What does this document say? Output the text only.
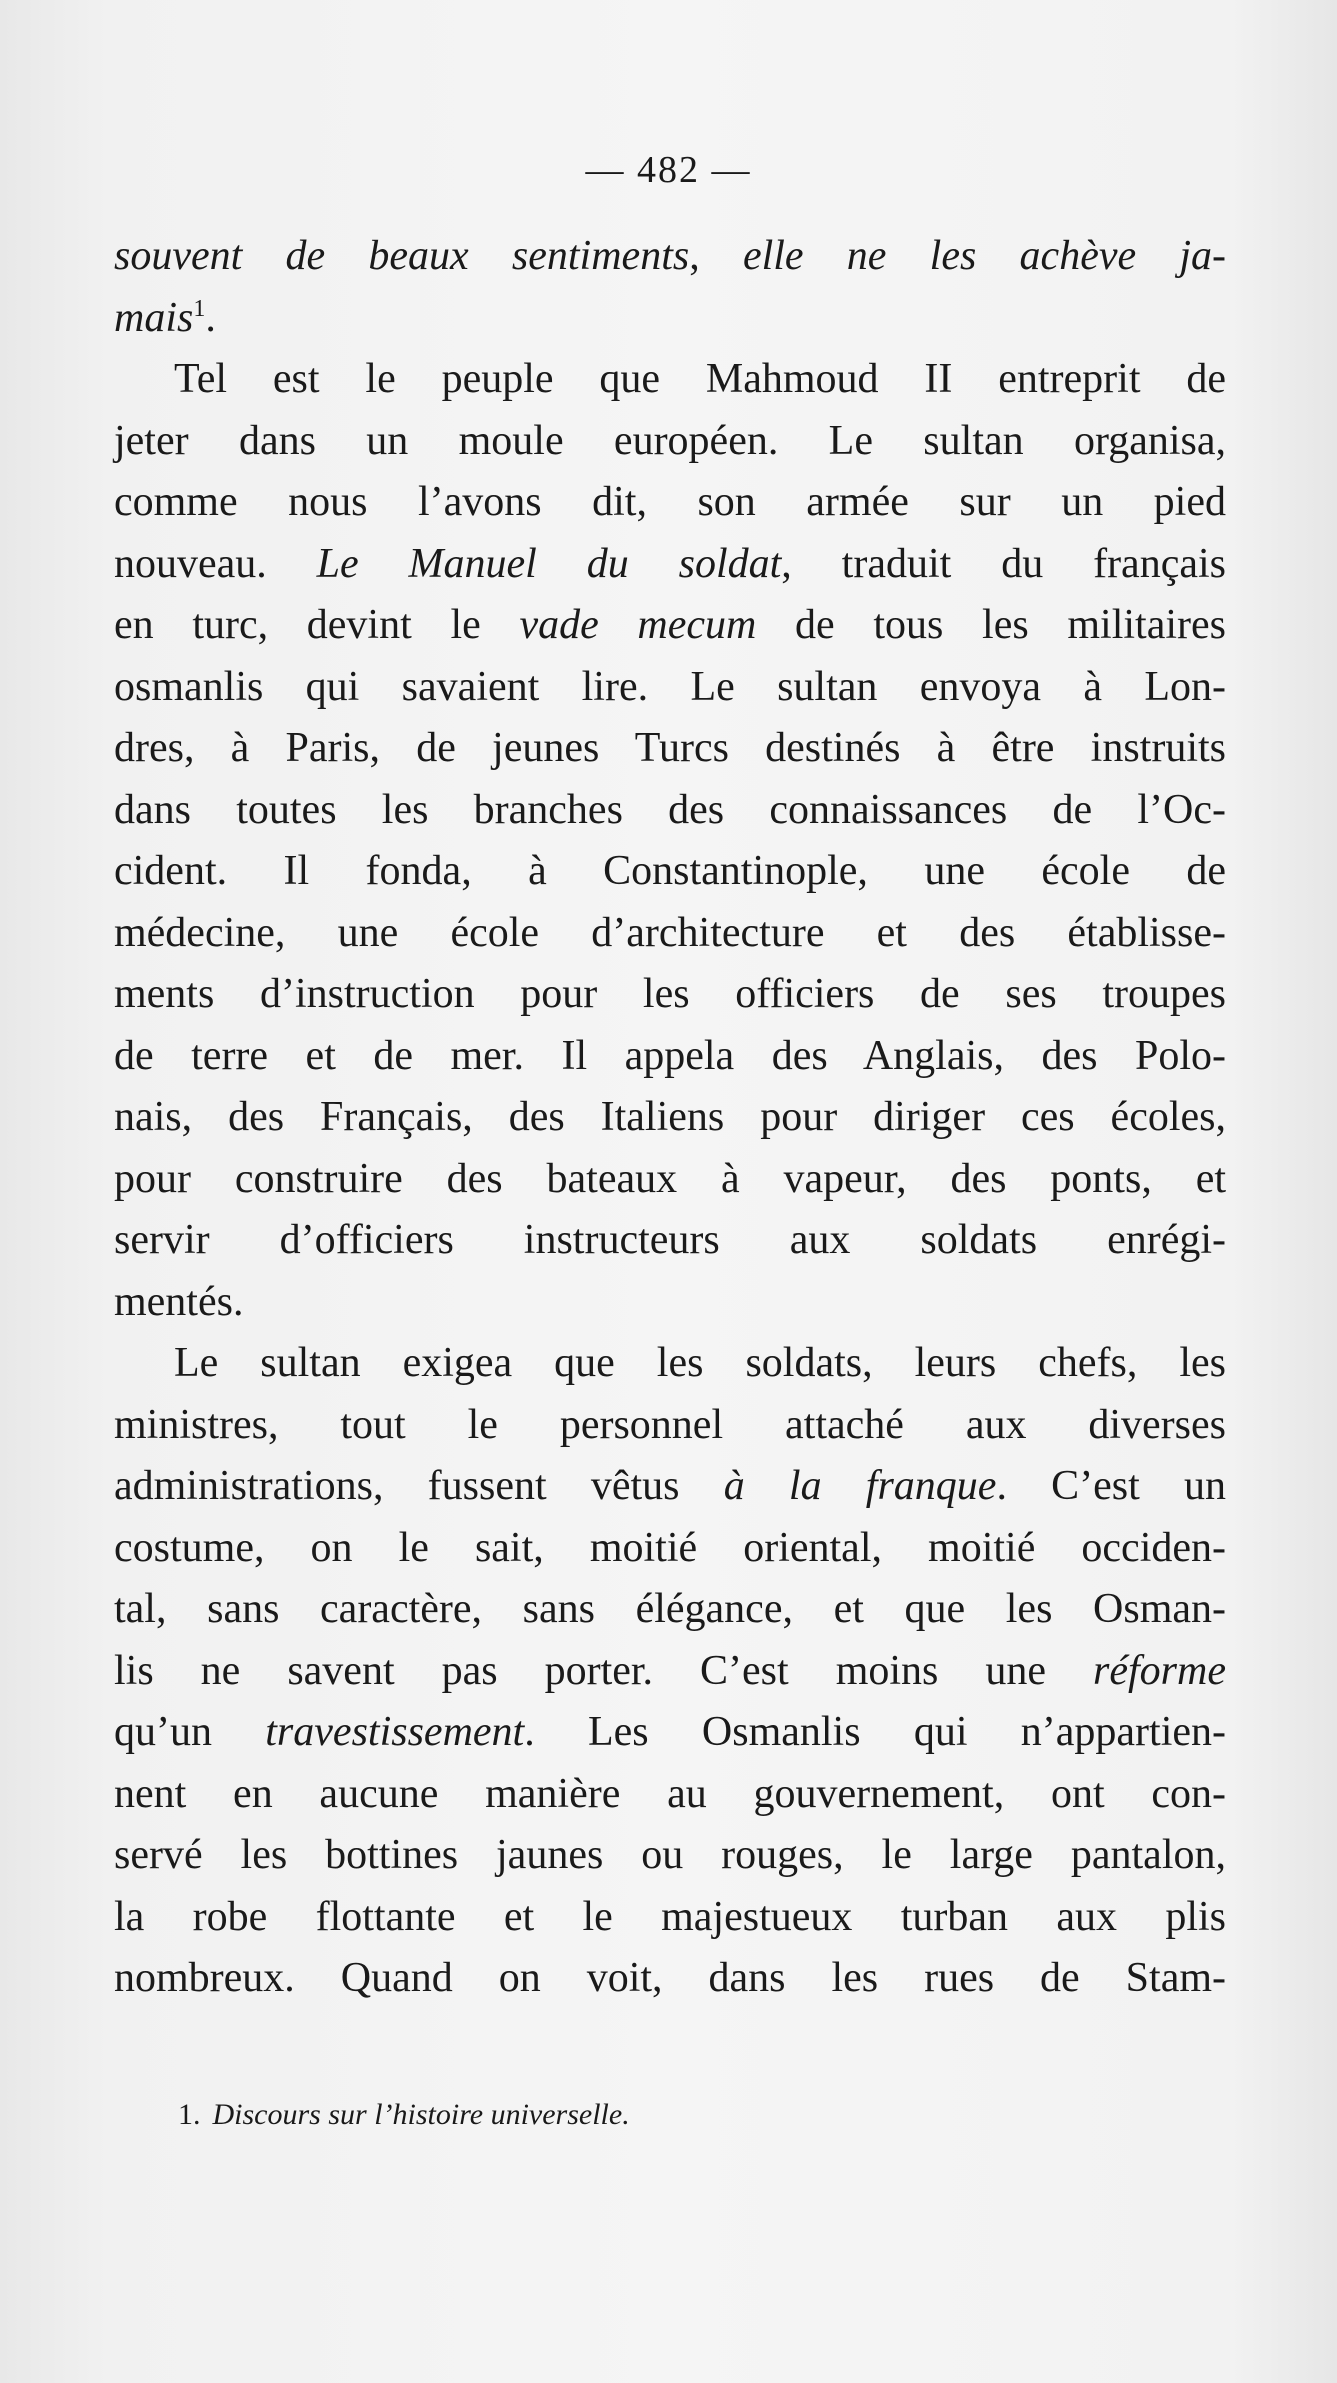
— 482 —
souvent de beaux sentiments, elle ne les achève ja-
mais$^1$.
Tel est le peuple que Mahmoud II entreprit de
jeter dans un moule européen. Le sultan organisa,
comme nous l’avons dit, son armée sur un pied
nouveau. Le Manuel du soldat, traduit du français
en turc, devint le vade mecum de tous les militaires
osmanlis qui savaient lire. Le sultan envoya à Lon-
dres, à Paris, de jeunes Turcs destinés à être instruits
dans toutes les branches des connaissances de l’Oc-
cident. Il fonda, à Constantinople, une école de
médecine, une école d’architecture et des établisse-
ments d’instruction pour les officiers de ses troupes
de terre et de mer. Il appela des Anglais, des Polo-
nais, des Français, des Italiens pour diriger ces écoles,
pour construire des bateaux à vapeur, des ponts, et
servir d’officiers instructeurs aux soldats enrégi-
mentés.
Le sultan exigea que les soldats, leurs chefs, les
ministres, tout le personnel attaché aux diverses
administrations, fussent vêtus à la franque. C’est un
costume, on le sait, moitié oriental, moitié occiden-
tal, sans caractère, sans élégance, et que les Osman-
lis ne savent pas porter. C’est moins une réforme
qu’un travestissement. Les Osmanlis qui n’appartien-
nent en aucune manière au gouvernement, ont con-
servé les bottines jaunes ou rouges, le large pantalon,
la robe flottante et le majestueux turban aux plis
nombreux. Quand on voit, dans les rues de Stam-
1. Discours sur l’histoire universelle.
